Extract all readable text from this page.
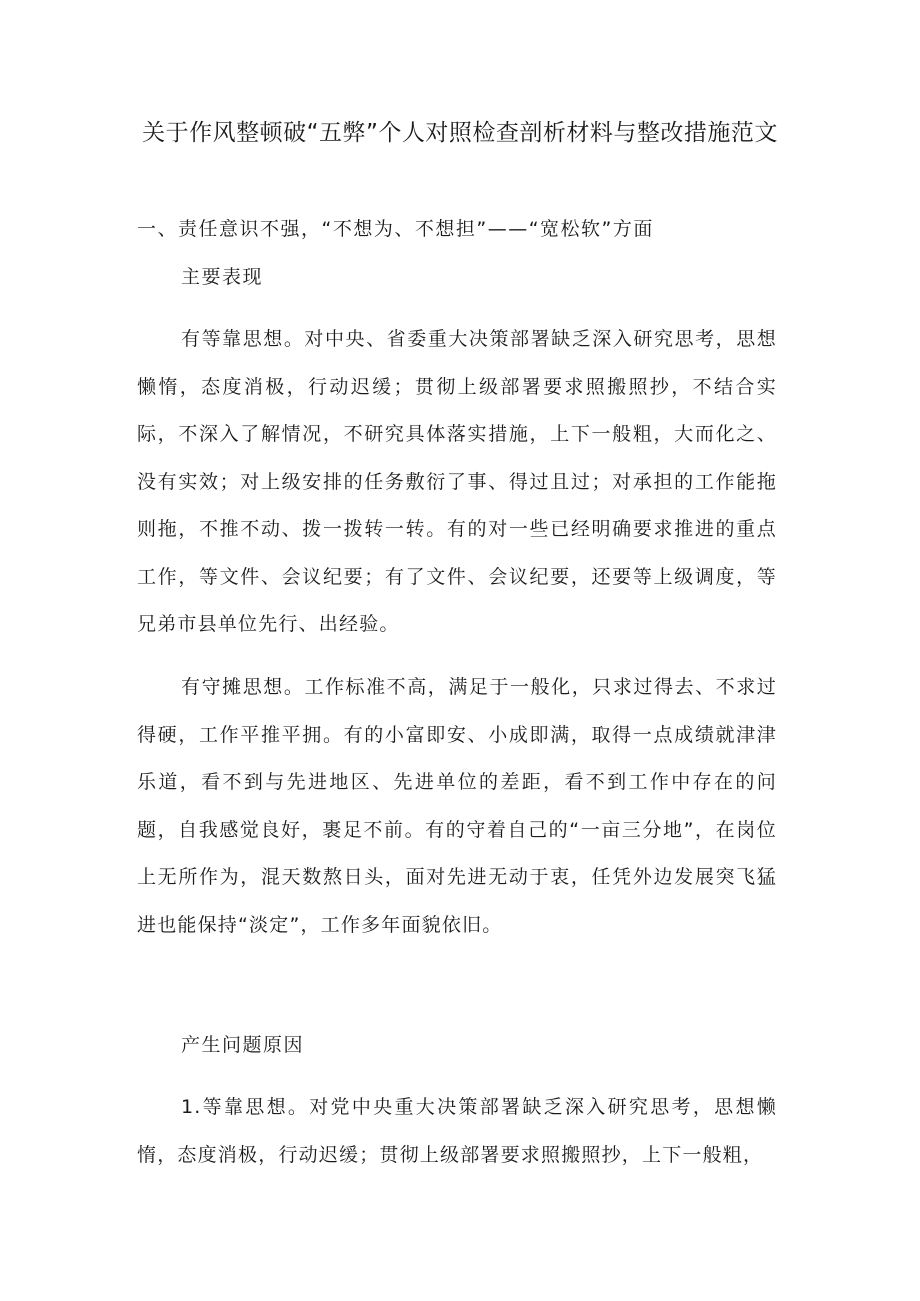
关于作风整顿破“五弊”个人对照检查剖析材料与整改措施范文
一、责任意识不强，“不想为、不想担”——“宽松软”方面
主要表现

有等靠思想。对中央、省委重大决策部署缺乏深入研究思考，思想懒惰，态度消极，行动迟缓；贯彻上级部署要求照搬照抄，不结合实际，不深入了解情况，不研究具体落实措施，上下一般粗，大而化之、没有实效；对上级安排的任务敷衍了事、得过且过；对承担的工作能拖则拖，不推不动、拨一拨转一转。有的对一些已经明确要求推进的重点工作，等文件、会议纪要；有了文件、会议纪要，还要等上级调度，等兄弟市县单位先行、出经验。

有守摊思想。工作标准不高，满足于一般化，只求过得去、不求过得硬，工作平推平拥。有的小富即安、小成即满，取得一点成绩就津津乐道，看不到与先进地区、先进单位的差距，看不到工作中存在的问题，自我感觉良好，裹足不前。有的守着自己的“一亩三分地”，在岗位上无所作为，混天数熬日头，面对先进无动于衷，任凭外边发展突飞猛进也能保持“淡定”，工作多年面貌依旧。

产生问题原因

1.等靠思想。对党中央重大决策部署缺乏深入研究思考，思想懒惰，态度消极，行动迟缓；贯彻上级部署要求照搬照抄，上下一般粗，
